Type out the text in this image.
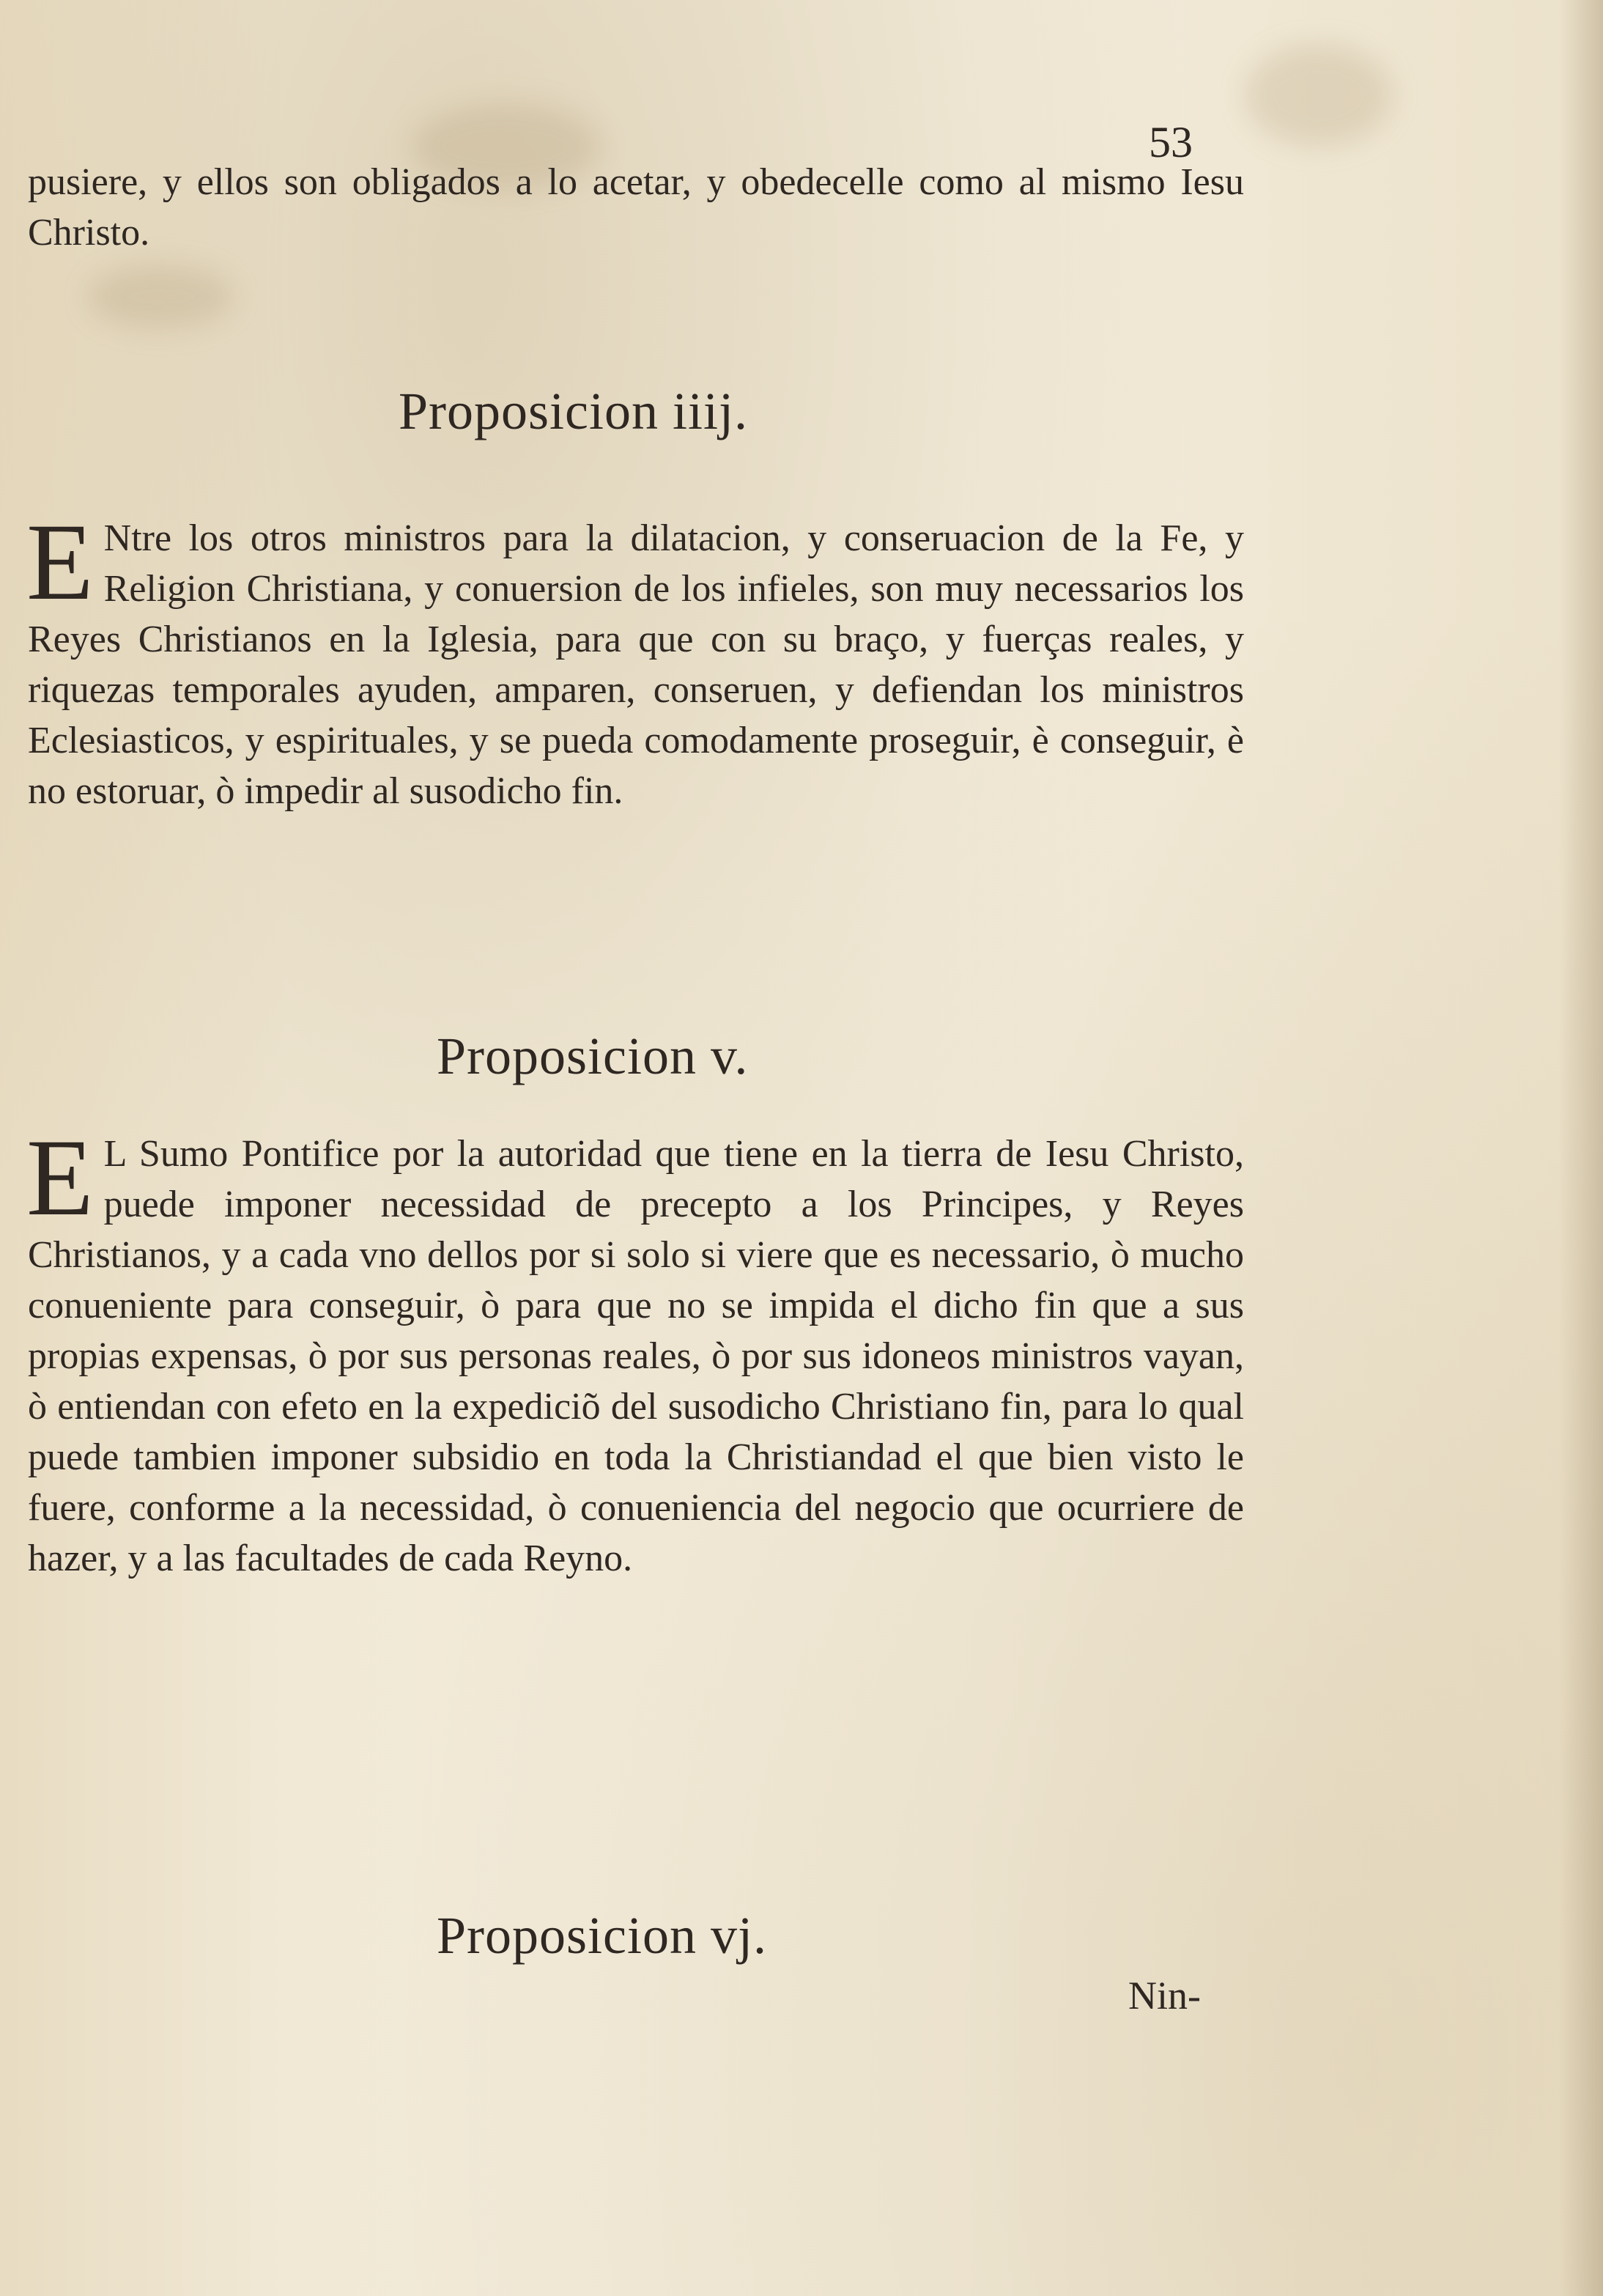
53

pusiere, y ellos son obligados a lo acetar, y obedecelle como al mismo Iesu Christo.

Proposicion iiij.
E Ntre los otros ministros para la dilatacion, y conseruacion de la Fe, y Religion Christiana, y conuersion de los infieles, son muy necessarios los Reyes Christianos en la Iglesia, para que con su braço, y fuerças reales, y riquezas temporales ayuden, amparen, conseruen, y defiendan los ministros Eclesiasticos, y espirituales, y se pueda comodamente proseguir, è conseguir, è no estoruar, ò impedir al susodicho fin.
Proposicion v.
E L Sumo Pontifice por la autoridad que tiene en la tierra de Iesu Christo, puede imponer necessidad de precepto a los Principes, y Reyes Christianos, y a cada vno dellos por si solo si viere que es necessario, ò mucho conueniente para conseguir, ò para que no se impida el dicho fin que a sus propias expensas, ò por sus personas reales, ò por sus idoneos ministros vayan, ò entiendan con efeto en la expediciõ del susodicho Christiano fin, para lo qual puede tambien imponer subsidio en toda la Christiandad el que bien visto le fuere, conforme a la necessidad, ò conueniencia del negocio que ocurriere de hazer, y a las facultades de cada Reyno.
Proposicion vj.
Nin-
